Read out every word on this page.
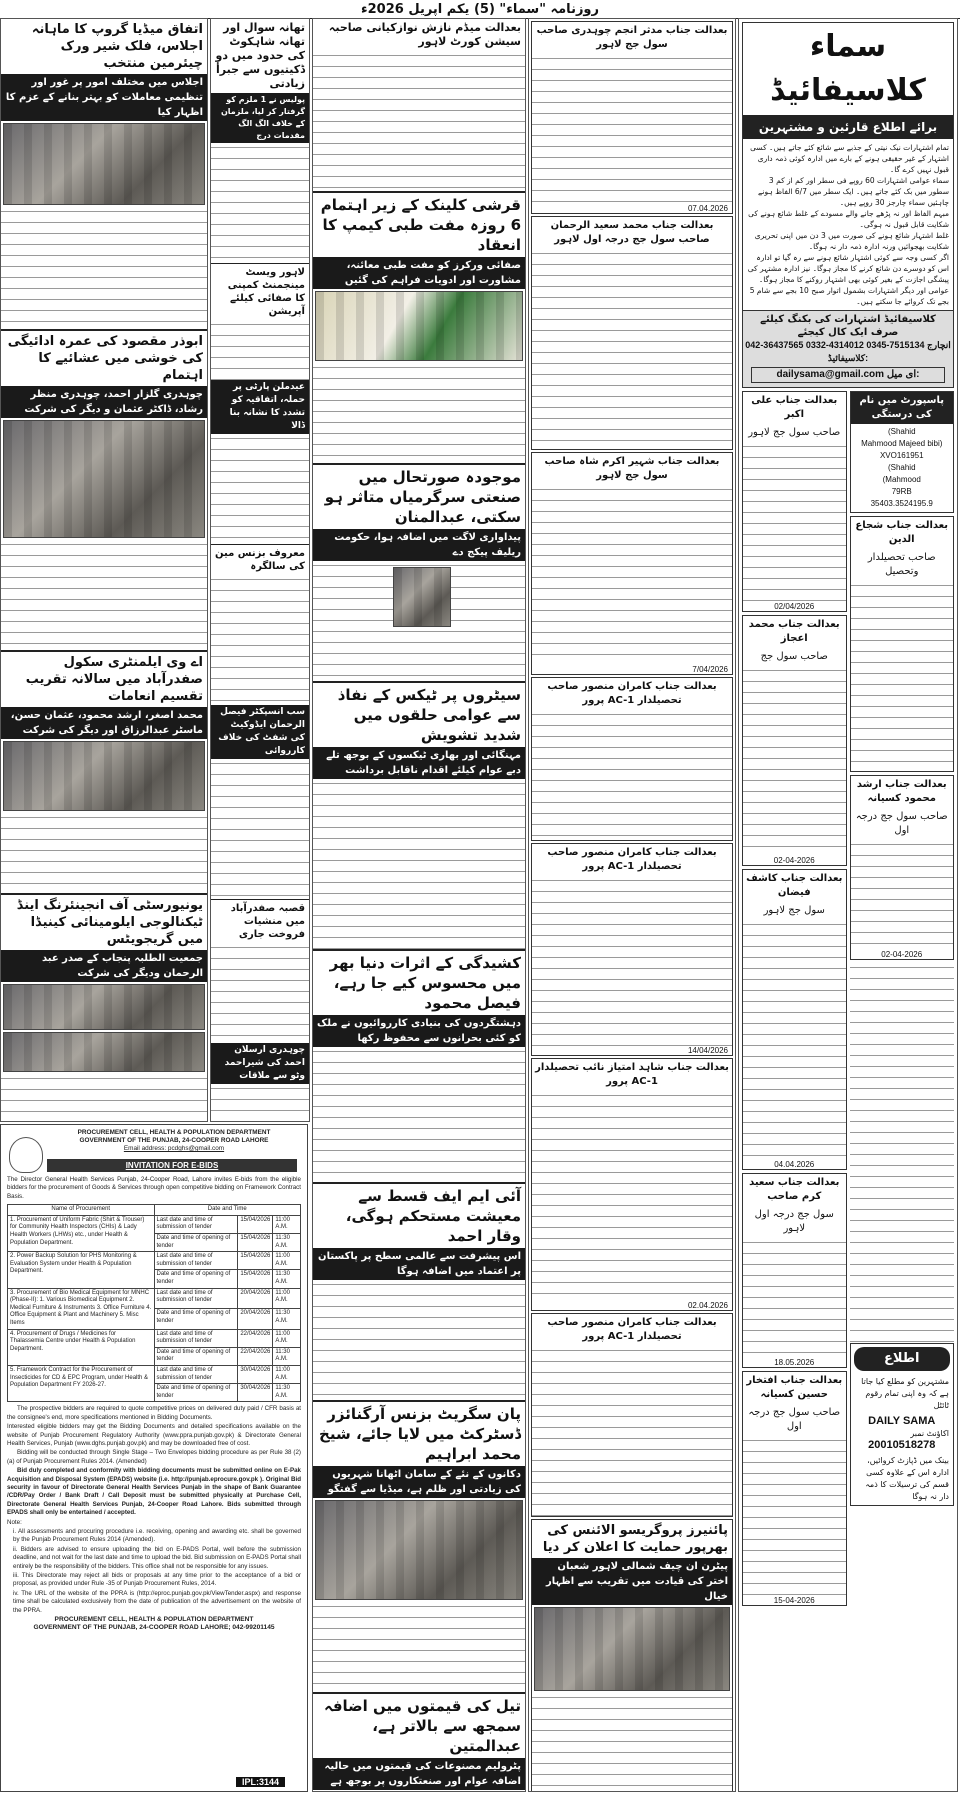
روزنامہ "سماء" (5) یکم اپریل 2026ء
اتفاق میڈیا گروپ کا ماہانہ اجلاس، فلک شیر ورک چیئرمین منتخب
اجلاس میں مختلف امور پر غور اور تنظیمی معاملات کو بہتر بنانے کے عزم کا اظہار کیا
ابوذر مقصود کی عمرہ ادائیگی کی خوشی میں عشائیے کا اہتمام
چوہدری گلزار احمد، چوہدری منظر رشاد، ڈاکٹر عثمان و دیگر کی شرکت
اے وی ایلمنٹری سکول صفدرآباد میں سالانہ تقریب تقسیم انعامات
محمد اصغر، ارشد محمود، عثمان حسن، ماسٹر عبدالرزاق اور دیگر کی شرکت
یونیورسٹی آف انجینئرنگ اینڈ ٹیکنالوجی ایلومینائی کینیڈا میں گریجویٹس
جمعیت الطلبہ پنجاب کے صدر عبد الرحمان ودیگر کی شرکت
تھانہ سوال اور تھانہ شاہکوٹ کی حدود میں دو ڈکیتیوں سے جبرأ زیادتی
پولیس نے 1 ملزم کو گرفتار کر لیا، ملزمان کے خلاف الگ الگ مقدمات درج
لاہور ویسٹ مینجمنٹ کمپنی کا صفائی کیلئے آپریشن
عیدملن پارٹی پر حملہ، اتفاقیہ کو تشدد کا نشانہ بنا ڈالا
معروف بزنس مین کی سالگرہ
سب انسپکٹر فیصل الرحمان ایڈوکیٹ کی شفٹ کی خلاف کارروائی
قصبہ صفدرآباد میں منشیات فروخت جاری
چوہدری ارسلان احمد کی شیراحمد وٹو سے ملاقات
PROCUREMENT CELL, HEALTH & POPULATION DEPARTMENT
GOVERNMENT OF THE PUNJAB, 24-COOPER ROAD LAHORE
Email address: pcdghs@gmail.com
INVITATION FOR E-BIDS

The Director General Health Services Punjab, 24-Cooper Road, Lahore invites E-bids from the eligible bidders for the procurement of Goods & Services through open competitive bidding on Framework Contract Basis.

Name of Procurement	Date and Time		
1. Procurement of Uniform Fabric (Shirt & Trouser) for Community Health Inspectors (CHIs) & Lady Health Workers (LHWs) etc., under Health & Population Department.	Last date and time of submission of tender	15/04/2026	11:00 A.M.
	Date and time of opening of tender	15/04/2026	11:30 A.M.
2. Power Backup Solution for PHS Monitoring & Evaluation System under Health & Population Department.	Last date and time of submission of tender	15/04/2026	11:00 A.M.
	Date and time of opening of tender	15/04/2026	11:30 A.M.
3. Procurement of Bio Medical Equipment for MNHC (Phase-II): 1. Various Biomedical Equipment 2. Medical Furniture & Instruments 3. Office Furniture 4. Office Equipment & Plant and Machinery 5. Misc Items	Last date and time of submission of tender	20/04/2026	11:00 A.M.
	Date and time of opening of tender	20/04/2026	11:30 A.M.
4. Procurement of Drugs / Medicines for Thalassemia Centre under Health & Population Department.	Last date and time of submission of tender	22/04/2026	11:00 A.M.
	Date and time of opening of tender	22/04/2026	11:30 A.M.
5. Framework Contract for the Procurement of Insecticides for CD & EPC Program, under Health & Population Department FY 2026-27.	Last date and time of submission of tender	30/04/2026	11:00 A.M.
	Date and time of opening of tender	30/04/2026	11:30 A.M.

The prospective bidders are required to quote competitive prices on delivered duty paid / CFR basis at the consignee's end, more specifications mentioned in Bidding Documents.

Interested eligible bidders may get the Bidding Documents and detailed specifications available on the website of Punjab Procurement Regulatory Authority (www.ppra.punjab.gov.pk) & Directorate General Health Services, Punjab (www.dghs.punjab.gov.pk) and may be downloaded free of cost.

Bidding will be conducted through Single Stage – Two Envelopes bidding procedure as per Rule 38 (2) (a) of Punjab Procurement Rules 2014. (Amended)

Bid duly completed and conformity with bidding documents must be submitted online on E-Pak Acquisition and Disposal System (EPADS) website (i.e. http://punjab.eprocure.gov.pk ). Original Bid security in favour of Directorate General Health Services Punjab in the shape of Bank Guarantee /CDR/Pay Order / Bank Draft / Call Deposit must be submitted physically at Purchase Cell, Directorate General Health Services Punjab, 24-Cooper Road Lahore. Bids submitted through EPADS shall only be entertained / accepted.

Note:

i. All assessments and procuring procedure i.e. receiving, opening and awarding etc. shall be governed by the Punjab Procurement Rules 2014 (Amended).

ii. Bidders are advised to ensure uploading the bid on E-PADS Portal, well before the submission deadline, and not wait for the last date and time to upload the bid. Bid submission on E-PADS Portal shall entirely be the responsibility of the bidders. This office shall not be responsible for any issues.

iii. This Directorate may reject all bids or proposals at any time prior to the acceptance of a bid or proposal, as provided under Rule -35 of Punjab Procurement Rules, 2014.

iv. The URL of the website of the PPRA is (http://eproc.punjab.gov.pk/ViewTender.aspx) and response time shall be calculated exclusively from the date of publication of the advertisement on the website of the PPRA.

PROCUREMENT CELL, HEALTH & POPULATION DEPARTMENT
GOVERNMENT OF THE PUNJAB, 24-COOPER ROAD LAHORE; 042-99201145
IPL:3144
بعدالت میڈم نازش نوازکیانی صاحبہ سیشن کورٹ لاہور
قرشی کلینک کے زیر اہتمام 6 روزہ مفت طبی کیمپ کا انعقاد
صفائی ورکرز کو مفت طبی معائنہ، مشاورت اور ادویات فراہم کی گئیں
موجودہ صورتحال میں صنعتی سرگرمیاں متاثر ہو سکتی، عبدالمنان
پیداواری لاگت میں اضافہ ہوا، حکومت ریلیف پیکج دے
سیٹروں پر ٹیکس کے نفاذ سے عوامی حلقوں میں شدید تشویش
مہنگائی اور بھاری ٹیکسوں کے بوجھ تلے دبے عوام کیلئے اقدام ناقابل برداشت
کشیدگی کے اثرات دنیا بھر میں محسوس کیے جا رہے، فیصل محمود
دہشتگردوں کی بنیادی کارروائیوں نے ملک کو کئی بحرانوں سے محفوظ رکھا
آئی ایم ایف قسط سے معیشت مستحکم ہوگی، وقار احمد
اس پیشرفت سے عالمی سطح پر پاکستان پر اعتماد میں اضافہ ہوگا
پان سگریٹ بزنس آرگنائزر ڈسٹرکٹ میں لایا جائے، شیخ محمد ابراہیم
دکانوں کے نئے کے سامان اٹھانا شہریوں کی زیادتی اور ظلم ہے، میڈیا سے گفتگو
تیل کی قیمتوں میں اضافہ سمجھ سے بالاتر ہے، عبدالمتین
پٹرولیم مصنوعات کی قیمتوں میں حالیہ اضافہ عوام اور صنعتکاروں پر بوجھ ہے
بعدالت جناب مدثر انجم چوہدری صاحب سول جج لاہور
07.04.2026
بعدالت جناب محمد سعید الرحمان صاحب سول جج درجہ اول لاہور
بعدالت جناب شہیر اکرم شاہ صاحب سول جج لاہور
7/04/2026
بعدالت جناب کامران منصور صاحب تحصیلدار AC-1 پرور
بعدالت جناب کامران منصور صاحب تحصیلدار AC-1 پرور
14/04/2026
بعدالت جناب شاہد امتیاز نائب تحصیلدار AC-1 پرور
02.04.2026
بعدالت جناب کامران منصور صاحب تحصیلدار AC-1 پرور
پائنیرز پروگریسو الائنس کی بھرپور حمایت کا اعلان کر دیا
پیٹرن ان چیف شمالی لاہور شعبان اختر کی قیادت میں تقریب سے اظہار خیال
سماء کلاسیفائیڈ
برائے اطلاع قارئین و مشتہرین
تمام اشتہارات نیک نیتی کے جذبے سے شائع کئے جاتے ہیں۔ کسی اشتہار کے غیر حقیقی ہونے کے بارے میں ادارہ کوئی ذمہ داری قبول نہیں کرے گا۔
سماء عوامی اشتہارات 60 روپے فی سطر اور کم از کم 3 سطور میں بک کئے جاتے ہیں۔ ایک سطر میں 6/7 الفاظ ہونے چاہئیں سماء چارجز 30 روپے ہیں۔
مبہم الفاظ اور نہ پڑھے جانے والے مسودے کے غلط شائع ہونے کی شکایت قابل قبول نہ ہوگی۔
غلط اشتہار شائع ہونے کی صورت میں 3 دن میں اپنی تحریری شکایت بھجوائیں ورنہ ادارہ ذمہ دار نہ ہوگا۔
اگر کسی وجہ سے کوئی اشتہار شائع ہونے سے رہ گیا تو ادارہ اس کو دوسرے دن شائع کرنے کا مجاز ہوگا۔ نیز ادارہ مشتہر کی پیشگی اجازت کے بغیر کوئی بھی اشتہار روکنے کا مجاز ہوگا۔
عوامی اور دیگر اشتہارات بشمول اتوار صبح 10 بجے سے شام 5 بجے تک کروائے جا سکتے ہیں۔
کلاسیفائیڈ اشتہارات کی بکنگ کیلئے صرف ایک کال کیجئے
042-36437565 0332-4314012 0345-7515134 انچارج کلاسیفائیڈ:
dailysama@gmail.com ای میل:
بعدالت جناب علی اکبر
صاحب سول جج لاہور
02/04/2026
بعدالت جناب محمد اعجاز
صاحب سول جج
02-04-2026
بعدالت جناب کاشف فیضان
سول جج لاہور
04.04.2026
بعدالت جناب سعید کرم صاحب
سول جج درجہ اول لاہور
18.05.2026
بعدالت جناب افتخار حسین کسیانہ
صاحب سول جج درجہ اول
15-04-2026
پاسپورٹ میں نام کی درستگی
(Shahid
Mahmood Majeed bibi)
XVO161951
(Shahid
(Mahmood
79RB
35403.3524195.9
بعدالت جناب شجاع الدین
صاحب تحصیلدار وتحصیل
بعدالت جناب ارشد محمود کسیانہ
صاحب سول جج درجہ اول
02-04-2026
اطلاع
مشتہرین کو مطلع کیا جاتا ہے کہ وہ اپنی تمام رقوم ٹائٹل
DAILY SAMA
اکاؤنٹ نمبر
20010518278
بینک میں ڈپازٹ کروائیں، ادارہ اس کے علاوہ کسی قسم کی ترسیلات کا ذمہ دار نہ ہوگا
